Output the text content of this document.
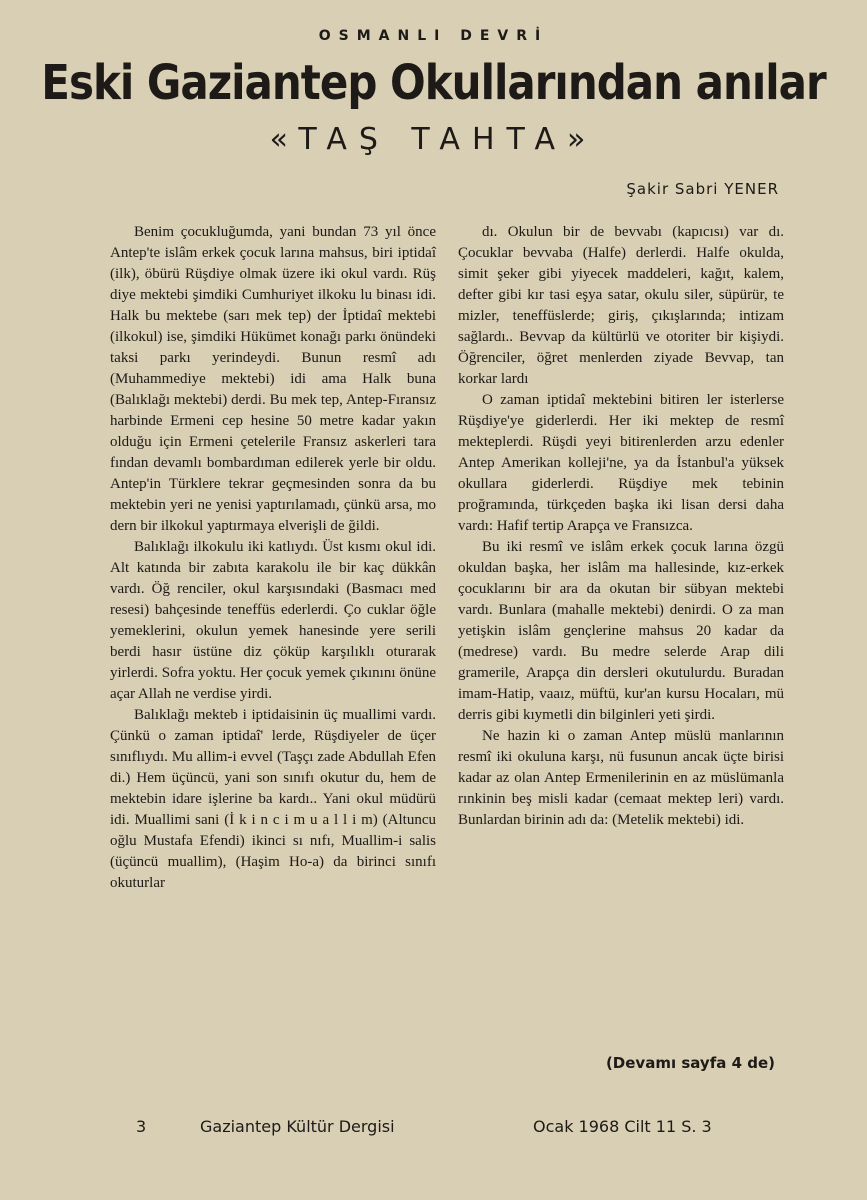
OSMANLI DEVRİ
Eski Gaziantep Okullarından anılar
«TAŞ TAHTA»
Şakir Sabri YENER

Benim çocukluğumda, yani bundan 73 yıl önce Antep'te islâm erkek çocuk larına mahsus, biri iptidaî (ilk), öbürü Rüşdiye olmak üzere iki okul vardı. Rüş diye mektebi şimdiki Cumhuriyet ilkoku lu binası idi. Halk bu mektebe (sarı mek tep) der İptidaî mektebi (ilkokul) ise, şimdiki Hükümet konağı parkı önündeki taksi parkı yerindeydi. Bunun resmî adı (Muhammediye mektebi) idi ama Halk buna (Balıklağı mektebi) derdi. Bu mek tep, Antep-Fıransız harbinde Ermeni cep hesine 50 metre kadar yakın olduğu için Ermeni çetelerile Fransız askerleri tara fından devamlı bombardıman edilerek yerle bir oldu. Antep'in Türklere tekrar geçmesinden sonra da bu mektebin yeri ne yenisi yaptırılamadı, çünkü arsa, mo dern bir ilkokul yaptırmaya elverişli de ğildi.

Balıklağı ilkokulu iki katlıydı. Üst kısmı okul idi. Alt katında bir zabıta karakolu ile bir kaç dükkân vardı. Öğ renciler, okul karşısındaki (Basmacı med resesi) bahçesinde teneffüs ederlerdi. Ço cuklar öğle yemeklerini, okulun yemek hanesinde yere serili berdi hasır üstüne diz çöküp karşılıklı oturarak yirlerdi. Sofra yoktu. Her çocuk yemek çıkınını önüne açar Allah ne verdise yirdi.

Balıklağı mekteb i iptidaisinin üç muallimi vardı. Çünkü o zaman iptidaî' lerde, Rüşdiyeler de üçer sınıflıydı. Mu allim-i evvel (Taşçı zade Abdullah Efen di.) Hem üçüncü, yani son sınıfı okutur du, hem de mektebin idare işlerine ba kardı.. Yani okul müdürü idi. Muallimi sani (İ k i n c i m u a l l i m) (Altuncu oğlu Mustafa Efendi) ikinci sı nıfı, Muallim-i salis (üçüncü muallim), (Haşim Ho-a) da birinci sınıfı okuturlar

dı. Okulun bir de bevvabı (kapıcısı) var dı. Çocuklar bevvaba (Halfe) derlerdi. Halfe okulda, simit şeker gibi yiyecek maddeleri, kağıt, kalem, defter gibi kır tasi eşya satar, okulu siler, süpürür, te mizler, teneffüslerde; giriş, çıkışlarında; intizam sağlardı.. Bevvap da kültürlü ve otoriter bir kişiydi. Öğrenciler, öğret menlerden ziyade Bevvap, tan korkar lardı

O zaman iptidaî mektebini bitiren ler isterlerse Rüşdiye'ye giderlerdi. Her iki mektep de resmî mekteplerdi. Rüşdi yeyi bitirenlerden arzu edenler Antep Amerikan kolleji'ne, ya da İstanbul'a yüksek okullara giderlerdi. Rüşdiye mek tebinin proğramında, türkçeden başka iki lisan dersi daha vardı: Hafif tertip Arapça ve Fransızca.

Bu iki resmî ve islâm erkek çocuk larına özgü okuldan başka, her islâm ma hallesinde, kız-erkek çocuklarını bir ara da okutan bir sübyan mektebi vardı. Bunlara (mahalle mektebi) denirdi. O za man yetişkin islâm gençlerine mahsus 20 kadar da (medrese) vardı. Bu medre selerde Arap dili gramerile, Arapça din dersleri okutulurdu. Buradan imam-Hatip, vaaız, müftü, kur'an kursu Hocaları, mü derris gibi kıymetli din bilginleri yeti şirdi.

Ne hazin ki o zaman Antep müslü manlarının resmî iki okuluna karşı, nü fusunun ancak üçte birisi kadar az olan Antep Ermenilerinin en az müslümanla rınkinin beş misli kadar (cemaat mektep leri) vardı. Bunlardan birinin adı da: (Metelik mektebi) idi.

(Devamı sayfa 4 de)
3	Gaziantep Kültür Dergisi	Ocak 1968 Cilt 11 S. 3
